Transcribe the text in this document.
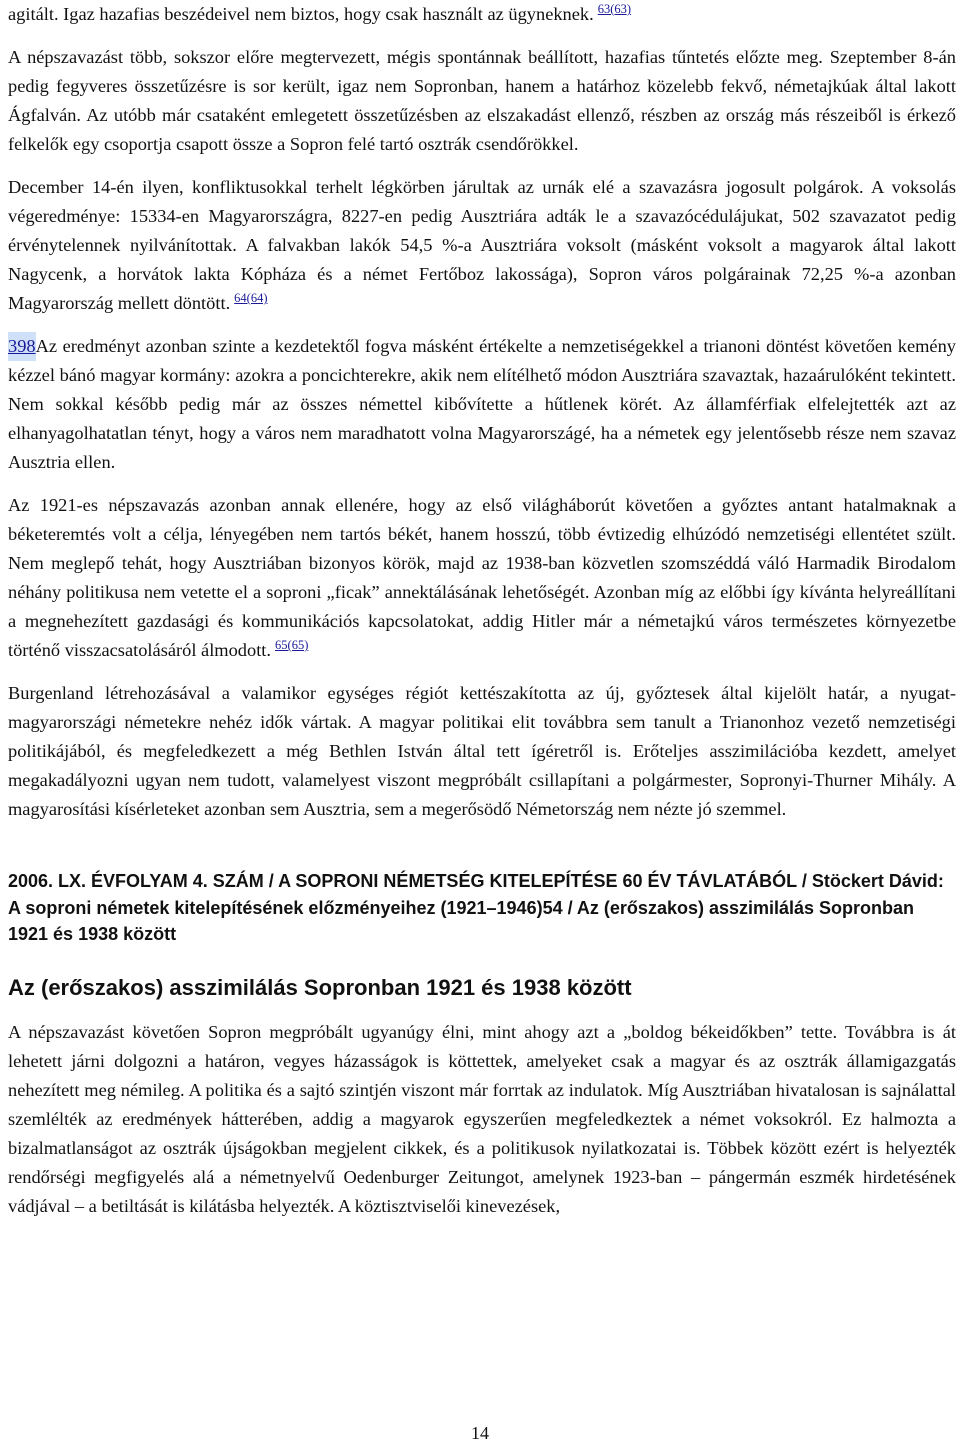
agitált. Igaz hazafias beszédeivel nem biztos, hogy csak használt az ügyneknek. $^{63(63)}$

A népszavazást több, sokszor előre megtervezett, mégis spontánnak beállított, hazafias tűntetés előzte meg. Szeptember 8-án pedig fegyveres összetűzésre is sor került, igaz nem Sopronban, hanem a határhoz közelebb fekvő, németajkúak által lakott Ágfalván. Az utóbb már csataként emlegetett összetűzésben az elszakadást ellenző, részben az ország más részeiből is érkező felkelők egy csoportja csapott össze a Sopron felé tartó osztrák csendőrökkel.

December 14-én ilyen, konfliktusokkal terhelt légkörben járultak az urnák elé a szavazásra jogosult polgárok. A voksolás végeredménye: 15334-en Magyarországra, 8227-en pedig Ausztriára adták le a szavazócédulájukat, 502 szavazatot pedig érvénytelennek nyilvánítottak. A falvakban lakók 54,5 %-a Ausztriára voksolt (másként voksolt a magyarok által lakott Nagycenk, a horvátok lakta Kópháza és a német Fertőboz lakossága), Sopron város polgárainak 72,25 %-a azonban Magyarország mellett döntött. $^{64(64)}$

398Az eredményt azonban szinte a kezdetektől fogva másként értékelte a nemzetiségekkel a trianoni döntést követően kemény kézzel bánó magyar kormány: azokra a poncichterekre, akik nem elítélhető módon Ausztriára szavaztak, hazaárulóként tekintett. Nem sokkal később pedig már az összes némettel kibővítette a hűtlenek körét. Az államférfiak elfelejtették azt az elhanyagolhatatlan tényt, hogy a város nem maradhatott volna Magyarországé, ha a németek egy jelentősebb része nem szavaz Ausztria ellen.

Az 1921-es népszavazás azonban annak ellenére, hogy az első világháborút követően a győztes antant hatalmaknak a béketeremtés volt a célja, lényegében nem tartós békét, hanem hosszú, több évtizedig elhúzódó nemzetiségi ellentétet szült. Nem meglepő tehát, hogy Ausztriában bizonyos körök, majd az 1938-ban közvetlen szomszéddá váló Harmadik Birodalom néhány politikusa nem vetette el a soproni „ficak” annektálásának lehetőségét. Azonban míg az előbbi így kívánta helyreállítani a megnehezített gazdasági és kommunikációs kapcsolatokat, addig Hitler már a németajkú város természetes környezetbe történő visszacsatolásáról álmodott. $^{65(65)}$

Burgenland létrehozásával a valamikor egységes régiót kettészakította az új, győztesek által kijelölt határ, a nyugat-magyarországi németekre nehéz idők vártak. A magyar politikai elit továbbra sem tanult a Trianonhoz vezető nemzetiségi politikájából, és megfeledkezett a még Bethlen István által tett ígéretről is. Erőteljes asszimilációba kezdett, amelyet megakadályozni ugyan nem tudott, valamelyest viszont megpróbált csillapítani a polgármester, Sopronyi-Thurner Mihály. A magyarosítási kísérleteket azonban sem Ausztria, sem a megerősödő Németország nem nézte jó szemmel.

2006. LX. ÉVFOLYAM 4. SZÁM / A SOPRONI NÉMETSÉG KITELEPÍTÉSE 60 ÉV TÁVLATÁBÓL / Stöckert Dávid: A soproni németek kitelepítésének előzményeihez (1921–1946)54 / Az (erőszakos) asszimilálás Sopronban 1921 és 1938 között
Az (erőszakos) asszimilálás Sopronban 1921 és 1938 között

A népszavazást követően Sopron megpróbált ugyanúgy élni, mint ahogy azt a „boldog békeidőkben” tette. Továbbra is át lehetett járni dolgozni a határon, vegyes házasságok is köttettek, amelyeket csak a magyar és az osztrák államigazgatás nehezített meg némileg. A politika és a sajtó szintjén viszont már forrtak az indulatok. Míg Ausztriában hivatalosan is sajnálattal szemlélték az eredmények hátterében, addig a magyarok egyszerűen megfeledkeztek a német voksokról. Ez halmozta a bizalmatlanságot az osztrák újságokban megjelent cikkek, és a politikusok nyilatkozatai is. Többek között ezért is helyezték rendőrségi megfigyelés alá a németnyelvű Oedenburger Zeitungot, amelynek 1923-ban – pángermán eszmék hirdetésének vádjával – a betiltását is kilátásba helyezték. A köztisztviselői kinevezések,

14
